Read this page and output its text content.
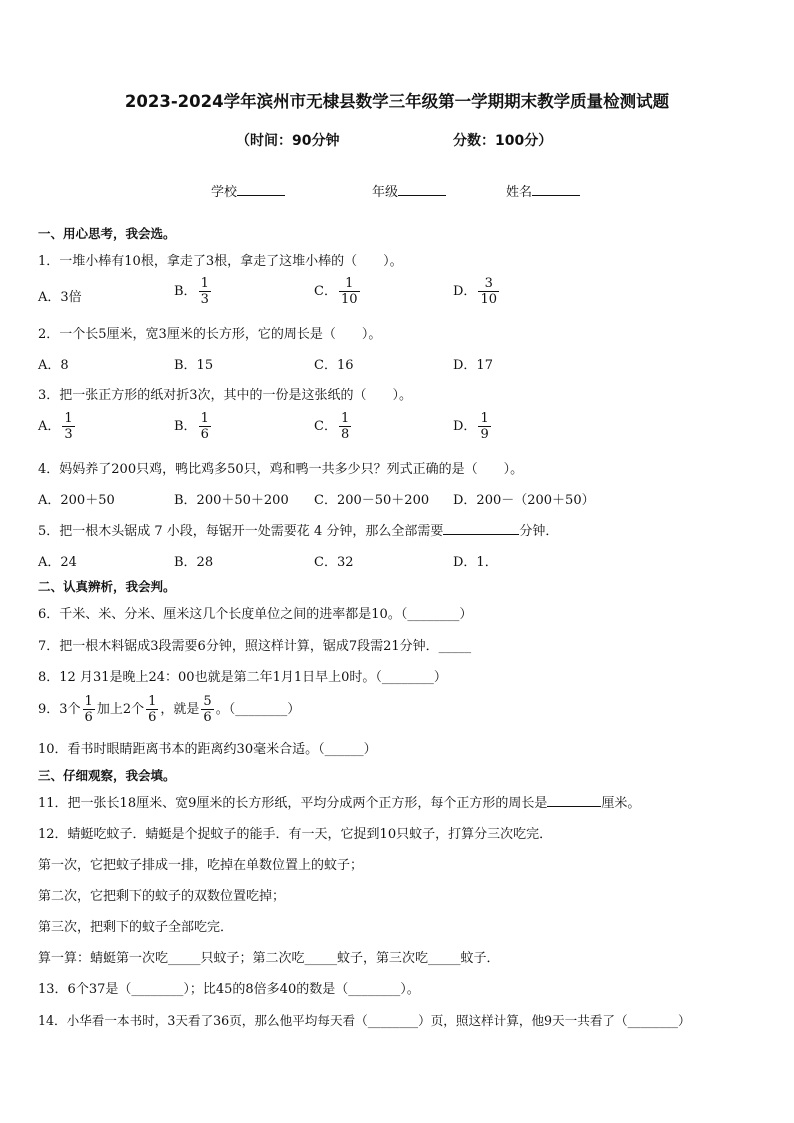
2023-2024学年滨州市无棣县数学三年级第一学期期末教学质量检测试题
（时间：90分钟	分数：100分）
学校	年级	姓名
一、用心思考，我会选。
1．一堆小棒有10根，拿走了3根，拿走了这堆小棒的（　　）。
A．3倍	B． $\frac{1}{3}$	C． $\frac{1}{10}$	D． $\frac{3}{10}$
2．一个长5厘米，宽3厘米的长方形，它的周长是（　　）。
A．8	B．15	C．16	D．17
3．把一张正方形的纸对折3次，其中的一份是这张纸的（　　）。
A． $\frac{1}{3}$	B． $\frac{1}{6}$	C． $\frac{1}{8}$	D． $\frac{1}{9}$
4．妈妈养了200只鸡，鸭比鸡多50只，鸡和鸭一共多少只？列式正确的是（　　）。
A．200＋50	B．200＋50＋200 C．200－50＋200 D．200－（200＋50）
5．把一根木头锯成 7 小段，每锯开一处需要花 4 分钟，那么全部需要	分钟．
A．24	B．28	C．32	D．1．
二、认真辨析，我会判。
6．千米、米、分米、厘米这几个长度单位之间的进率都是10。（________）
7．把一根木料锯成3段需要6分钟，照这样计算，锯成7段需21分钟．_____
8．12 月31是晚上24：00也就是第二年1月1日早上0时。（________）
9．3个 $\frac{1}{6}$ 加上2个 $\frac{1}{6}$ ，就是 $\frac{5}{6}$ 。（________）
10．看书时眼睛距离书本的距离约30毫米合适。（______）
三、仔细观察，我会填。
11．把一张长18厘米、宽9厘米的长方形纸，平均分成两个正方形，每个正方形的周长是	厘米。
12．蜻蜓吃蚊子．蜻蜓是个捉蚊子的能手．有一天，它捉到10只蚊子，打算分三次吃完．
第一次，它把蚊子排成一排，吃掉在单数位置上的蚊子；
第二次，它把剩下的蚊子的双数位置吃掉；
第三次，把剩下的蚊子全部吃完．
算一算：蜻蜓第一次吃_____只蚊子；第二次吃_____蚊子，第三次吃_____蚊子．
13．6个37是（________）；比45的8倍多40的数是（________）。
14．小华看一本书时，3天看了36页，那么他平均每天看（________）页，照这样计算，他9天一共看了（________）
